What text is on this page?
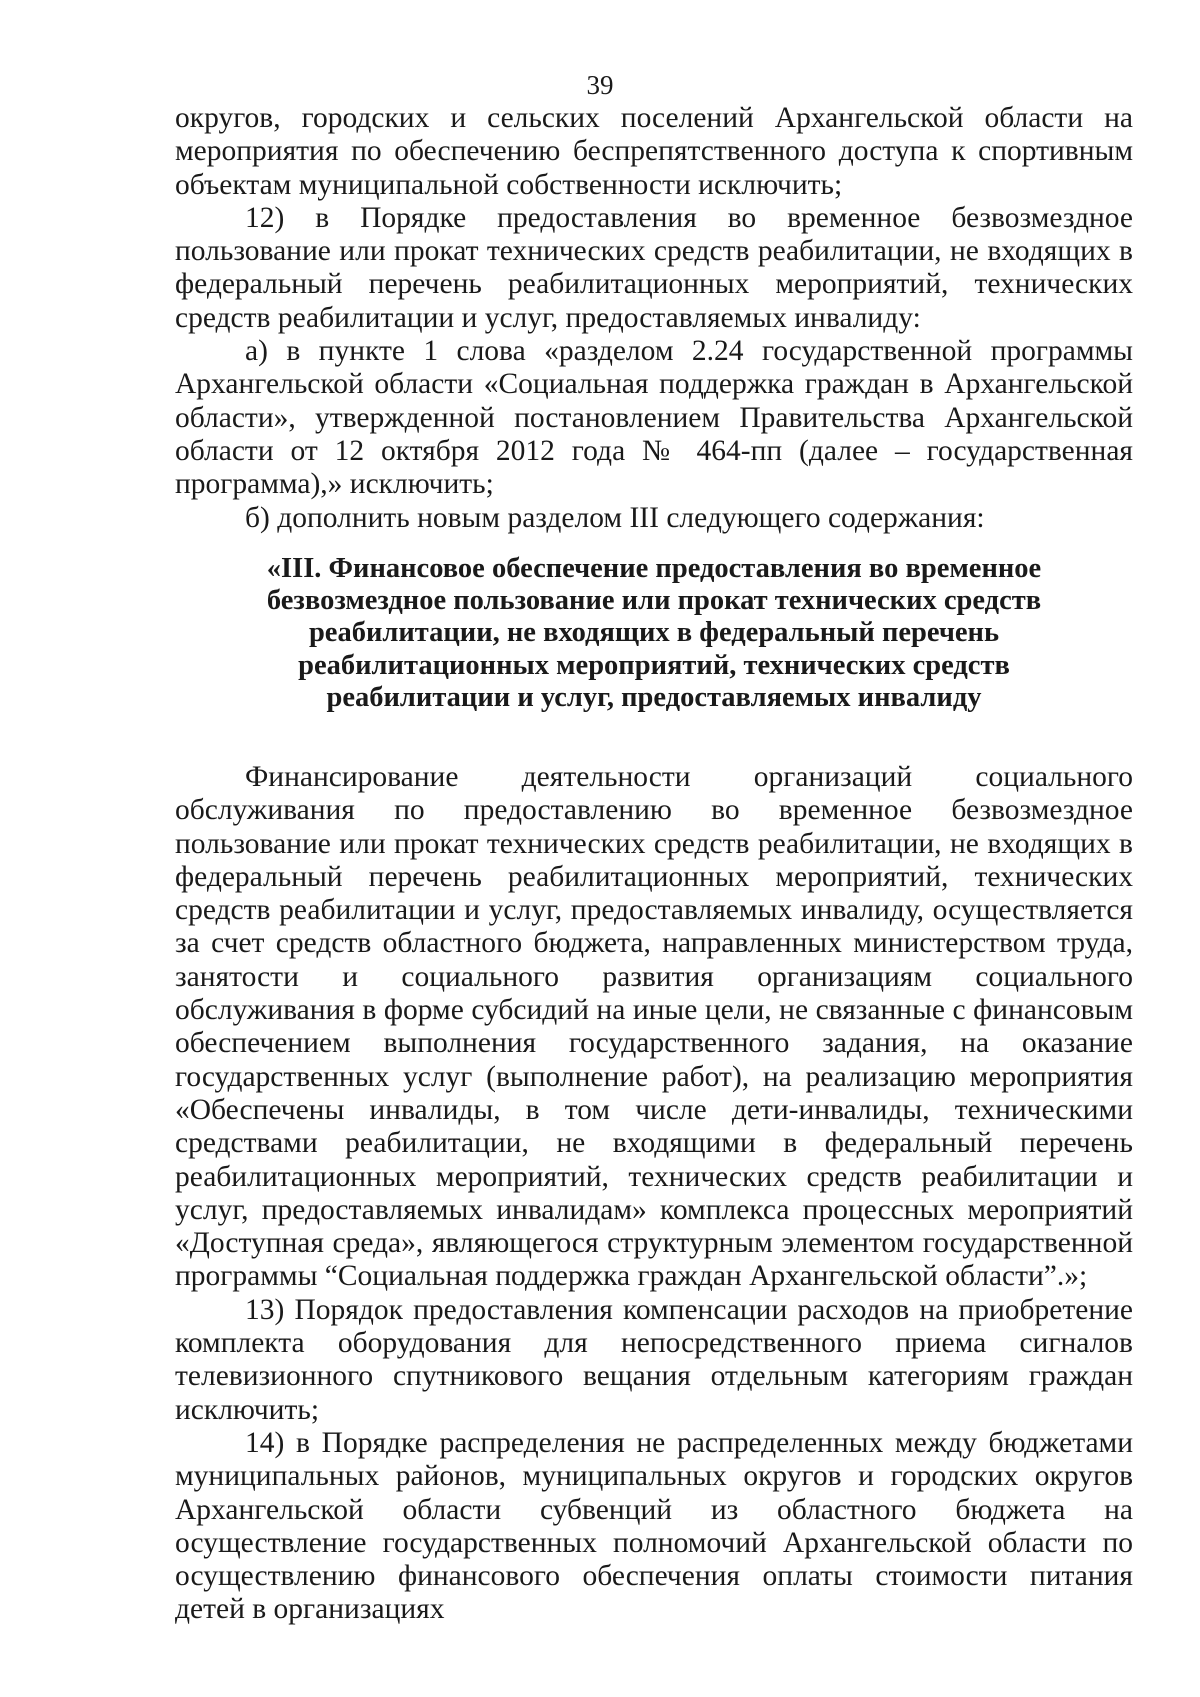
39

округов, городских и сельских поселений Архангельской области на мероприятия по обеспечению беспрепятственного доступа к спортивным объектам муниципальной собственности исключить;

12) в Порядке предоставления во временное безвозмездное пользование или прокат технических средств реабилитации, не входящих в федеральный перечень реабилитационных мероприятий, технических средств реабилитации и услуг, предоставляемых инвалиду:

а) в пункте 1 слова «разделом 2.24 государственной программы Архангельской области «Социальная поддержка граждан в Архангельской области», утвержденной постановлением Правительства Архангельской области от 12 октября 2012 года № 464-пп (далее – государственная программа),» исключить;

б) дополнить новым разделом III следующего содержания:

«III. Финансовое обеспечение предоставления во временное
безвозмездное пользование или прокат технических средств
реабилитации, не входящих в федеральный перечень
реабилитационных мероприятий, технических средств
реабилитации и услуг, предоставляемых инвалиду

Финансирование деятельности организаций социального обслуживания по предоставлению во временное безвозмездное пользование или прокат технических средств реабилитации, не входящих в федеральный перечень реабилитационных мероприятий, технических средств реабилитации и услуг, предоставляемых инвалиду, осуществляется за счет средств областного бюджета, направленных министерством труда, занятости и социального развития организациям социального обслуживания в форме субсидий на иные цели, не связанные с финансовым обеспечением выполнения государственного задания, на оказание государственных услуг (выполнение работ), на реализацию мероприятия «Обеспечены инвалиды, в том числе дети-инвалиды, техническими средствами реабилитации, не входящими в федеральный перечень реабилитационных мероприятий, технических средств реабилитации и услуг, предоставляемых инвалидам» комплекса процессных мероприятий «Доступная среда», являющегося структурным элементом государственной программы “Социальная поддержка граждан Архангельской области”.»;

13) Порядок предоставления компенсации расходов на приобретение комплекта оборудования для непосредственного приема сигналов телевизионного спутникового вещания отдельным категориям граждан исключить;

14) в Порядке распределения не распределенных между бюджетами муниципальных районов, муниципальных округов и городских округов Архангельской области субвенций из областного бюджета на осуществление государственных полномочий Архангельской области по осуществлению финансового обеспечения оплаты стоимости питания детей в организациях
